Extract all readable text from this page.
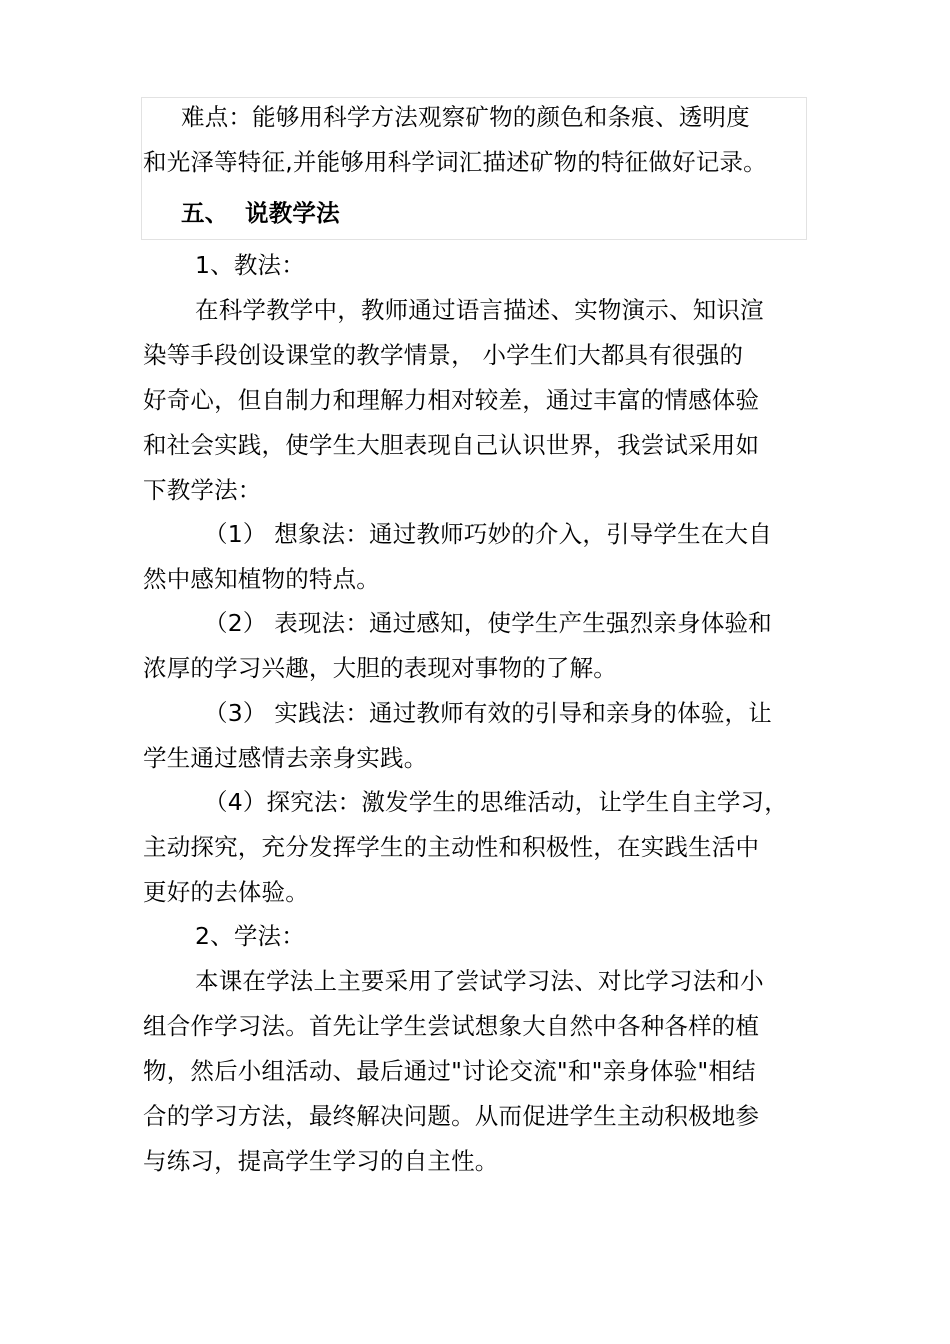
难点：能够用科学方法观察矿物的颜色和条痕、透明度
和光泽等特征,并能够用科学词汇描述矿物的特征做好记录。
五、 说教学法
1、教法：
在科学教学中，教师通过语言描述、实物演示、知识渲
染等手段创设课堂的教学情景， 小学生们大都具有很强的
好奇心，但自制力和理解力相对较差，通过丰富的情感体验
和社会实践，使学生大胆表现自己认识世界，我尝试采用如
下教学法：
（1） 想象法：通过教师巧妙的介入，引导学生在大自
然中感知植物的特点。
（2） 表现法：通过感知，使学生产生强烈亲身体验和
浓厚的学习兴趣，大胆的表现对事物的了解。
（3） 实践法：通过教师有效的引导和亲身的体验，让
学生通过感情去亲身实践。
（4）探究法：激发学生的思维活动，让学生自主学习，
主动探究，充分发挥学生的主动性和积极性，在实践生活中
更好的去体验。
2、学法：
本课在学法上主要采用了尝试学习法、对比学习法和小
组合作学习法。首先让学生尝试想象大自然中各种各样的植
物，然后小组活动、最后通过"讨论交流"和"亲身体验"相结
合的学习方法，最终解决问题。从而促进学生主动积极地参
与练习，提高学生学习的自主性。
